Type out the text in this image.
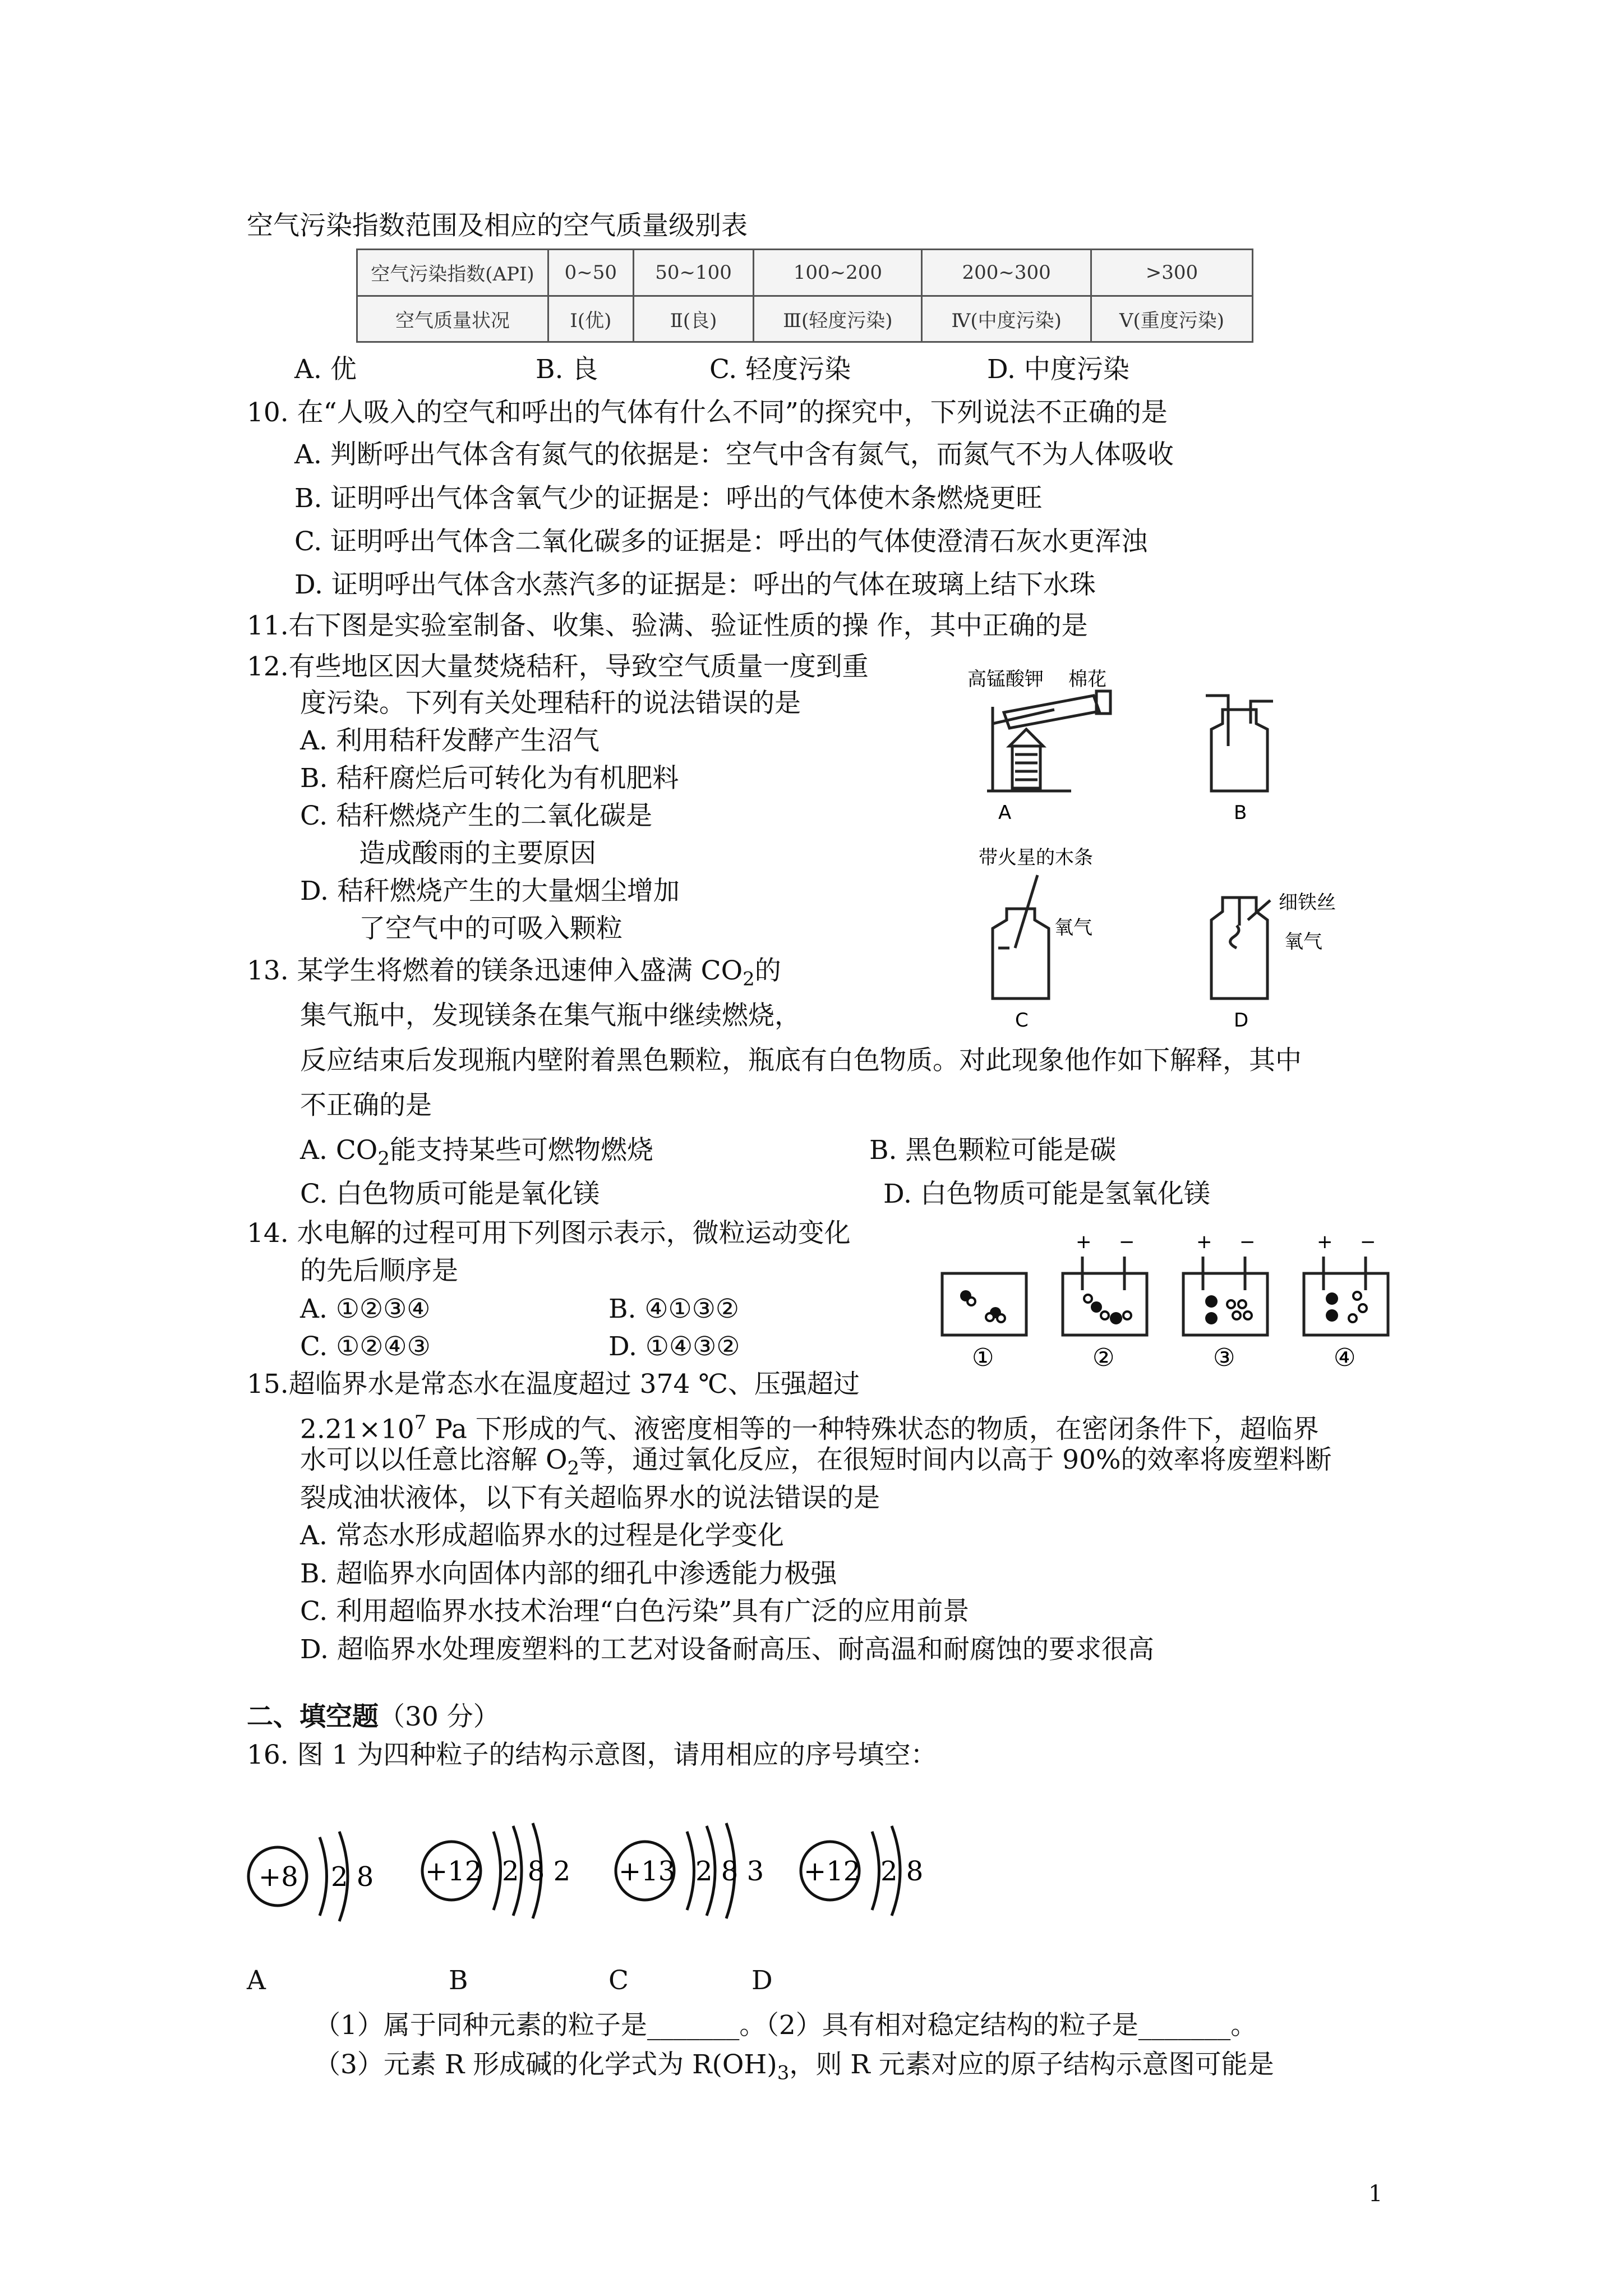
空气污染指数范围及相应的空气质量级别表
空气污染指数(API)	0~50	50~100	100~200	200~300	>300
空气质量状况	Ⅰ(优)	Ⅱ(良)	Ⅲ(轻度污染)	Ⅳ(中度污染)	Ⅴ(重度污染)
A. 优	B. 良	C. 轻度污染	D. 中度污染
10. 在“人吸入的空气和呼出的气体有什么不同”的探究中，下列说法不正确的是
A. 判断呼出气体含有氮气的依据是：空气中含有氮气，而氮气不为人体吸收
B. 证明呼出气体含氧气少的证据是：呼出的气体使木条燃烧更旺
C. 证明呼出气体含二氧化碳多的证据是：呼出的气体使澄清石灰水更浑浊
D. 证明呼出气体含水蒸汽多的证据是：呼出的气体在玻璃上结下水珠
11.右下图是实验室制备、收集、验满、验证性质的操 作，其中正确的是
12.有些地区因大量焚烧秸秆，导致空气质量一度到重
度污染。下列有关处理秸秆的说法错误的是
A. 利用秸秆发酵产生沼气
B. 秸秆腐烂后可转化为有机肥料
C. 秸秆燃烧产生的二氧化碳是
造成酸雨的主要原因
D. 秸秆燃烧产生的大量烟尘增加
了空气中的可吸入颗粒
高锰酸钾 棉花
A	B
带火星的木条
氧气
细铁丝
氧气
C	D
13. 某学生将燃着的镁条迅速伸入盛满 $CO_2$的
集气瓶中，发现镁条在集气瓶中继续燃烧，
反应结束后发现瓶内壁附着黑色颗粒，瓶底有白色物质。对此现象他作如下解释，其中
不正确的是
A. $CO_2$能支持某些可燃物燃烧	B. 黑色颗粒可能是碳
C. 白色物质可能是氧化镁	D. 白色物质可能是氢氧化镁
14. 水电解的过程可用下列图示表示，微粒运动变化
的先后顺序是
A. ①②③④	B. ④①③②
C. ①②④③	D. ①④③②
+ −	+ −	+ −
①	②	③	④
15.超临界水是常态水在温度超过 374 ℃、压强超过
$2.21\times 10^7$ Pa 下形成的气、液密度相等的一种特殊状态的物质，在密闭条件下，超临界
水可以以任意比溶解 $O_2$等，通过氧化反应，在很短时间内以高于 90%的效率将废塑料断
裂成油状液体，以下有关超临界水的说法错误的是
A. 常态水形成超临界水的过程是化学变化
B. 超临界水向固体内部的细孔中渗透能力极强
C. 利用超临界水技术治理“白色污染”具有广泛的应用前景
D. 超临界水处理废塑料的工艺对设备耐高压、耐高温和耐腐蚀的要求很高
二、填空题（30 分）
16. 图 1 为四种粒子的结构示意图，请用相应的序号填空：
+8 2 8 +12 2 8 2 +13 2 8 3 +12 2 8
A	B	C	D
（1）属于同种元素的粒子是_______。（2）具有相对稳定结构的粒子是_______。
（3）元素 R 形成碱的化学式为 $R(OH)_3$，则 R 元素对应的原子结构示意图可能是
1
